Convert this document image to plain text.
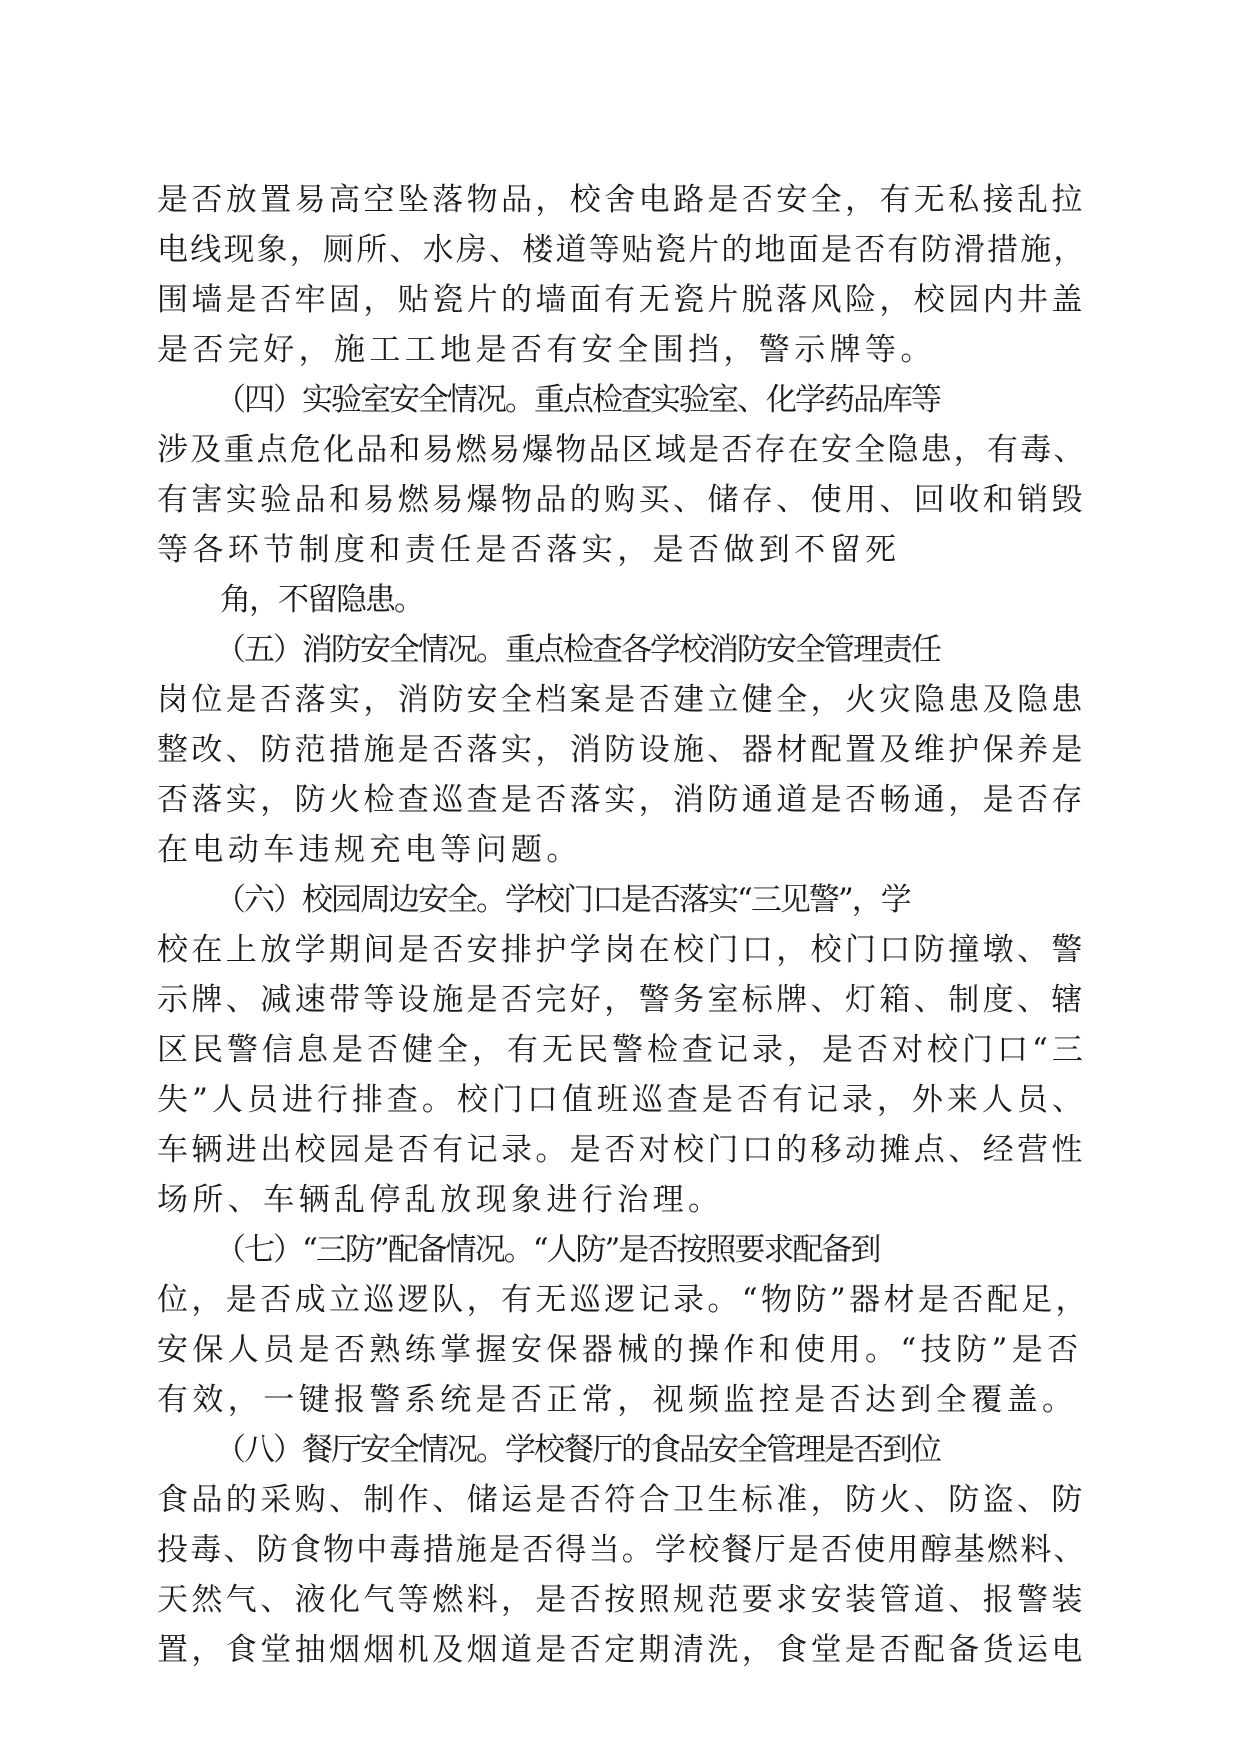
是否放置易高空坠落物品，校舍电路是否安全，有无私接乱拉

电线现象，厕所、水房、楼道等贴瓷片的地面是否有防滑措施，

围墙是否牢固，贴瓷片的墙面有无瓷片脱落风险，校园内井盖

是否完好，施工工地是否有安全围挡，警示牌等。

（四）实验室安全情况。重点检查实验室、化学药品库等

涉及重点危化品和易燃易爆物品区域是否存在安全隐患，有毒、

有害实验品和易燃易爆物品的购买、储存、使用、回收和销毁

等各环节制度和责任是否落实，是否做到不留死

角，不留隐患。

（五）消防安全情况。重点检查各学校消防安全管理责任

岗位是否落实，消防安全档案是否建立健全，火灾隐患及隐患

整改、防范措施是否落实，消防设施、器材配置及维护保养是

否落实，防火检查巡查是否落实，消防通道是否畅通，是否存

在电动车违规充电等问题。

（六）校园周边安全。学校门口是否落实“三见警”，学

校在上放学期间是否安排护学岗在校门口，校门口防撞墩、警

示牌、减速带等设施是否完好，警务室标牌、灯箱、制度、辖

区民警信息是否健全，有无民警检查记录，是否对校门口“三

失”人员进行排查。校门口值班巡查是否有记录，外来人员、

车辆进出校园是否有记录。是否对校门口的移动摊点、经营性

场所、车辆乱停乱放现象进行治理。

（七）“三防”配备情况。“人防”是否按照要求配备到

位，是否成立巡逻队，有无巡逻记录。“物防”器材是否配足，

安保人员是否熟练掌握安保器械的操作和使用。“技防”是否

有效，一键报警系统是否正常，视频监控是否达到全覆盖。

（八）餐厅安全情况。学校餐厅的食品安全管理是否到位

食品的采购、制作、储运是否符合卫生标准，防火、防盗、防

投毒、防食物中毒措施是否得当。学校餐厅是否使用醇基燃料、

天然气、液化气等燃料，是否按照规范要求安装管道、报警装

置，食堂抽烟烟机及烟道是否定期清洗，食堂是否配备货运电
